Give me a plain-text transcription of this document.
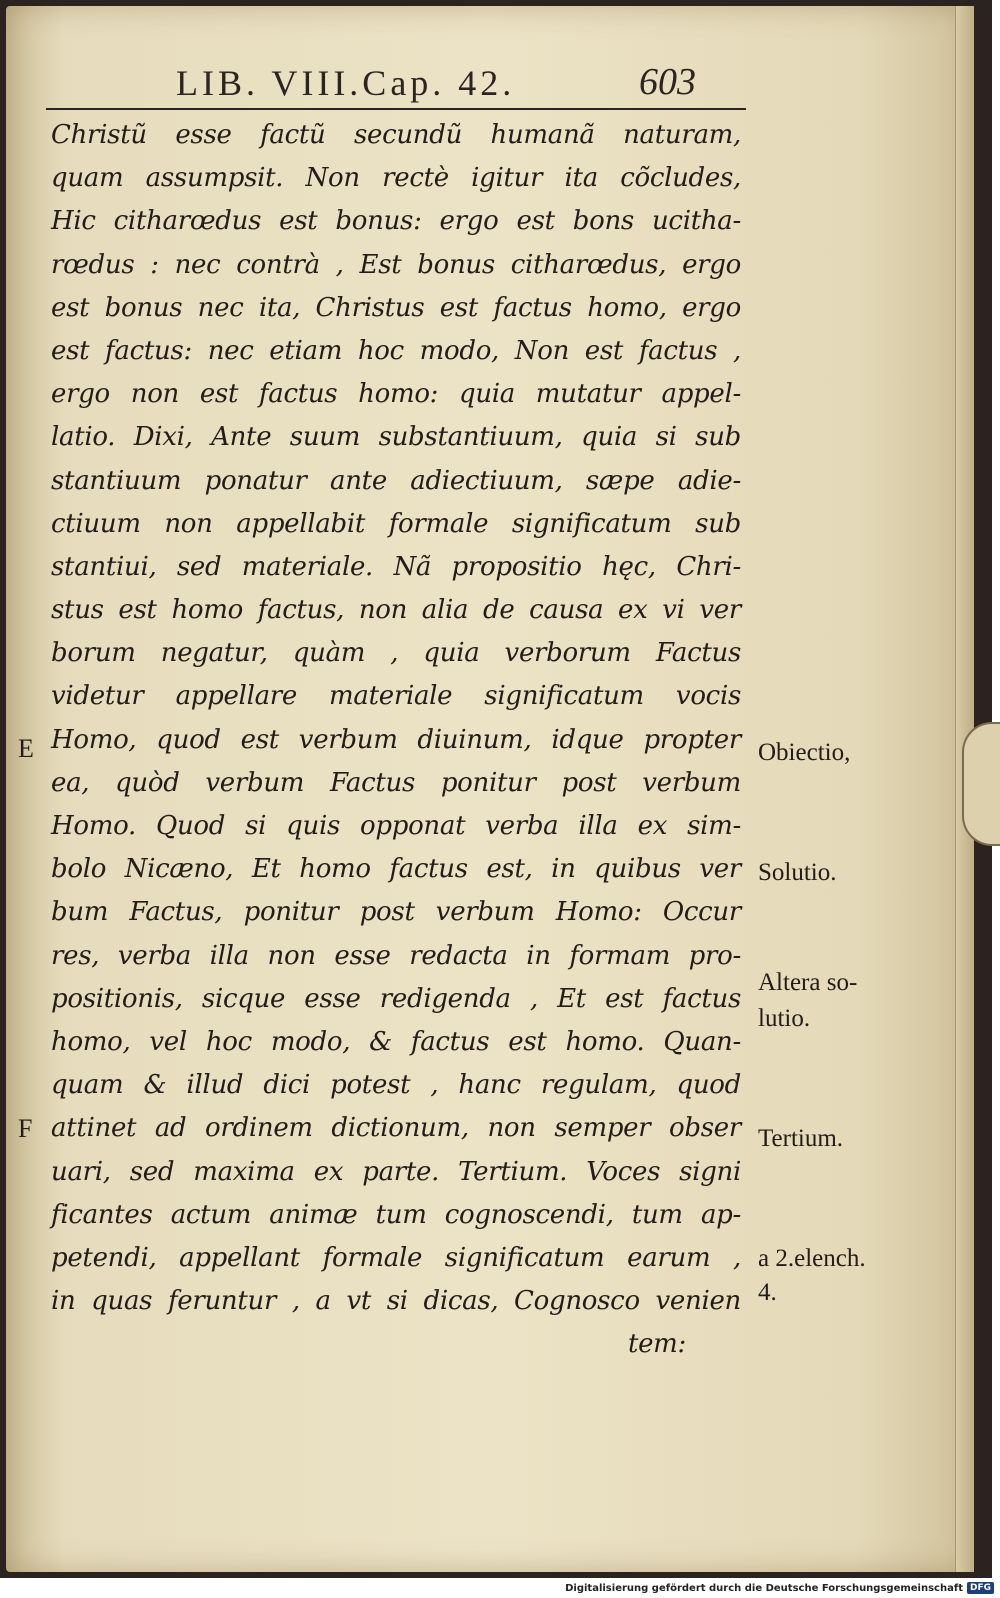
LIB. VIII.Cap. 42.	603
Christũ esse factũ secundũ humanã naturam,
quam assumpsit. Non rectè igitur ita cõcludes,
Hic citharœdus est bonus: ergo est bons ucitha-
rœdus : nec contrà , Est bonus citharœdus, ergo
est bonus nec ita, Christus est factus homo, ergo
est factus: nec etiam hoc modo, Non est factus ,
ergo non est factus homo: quia mutatur appel-
latio. Dixi, Ante suum substantiuum, quia si sub
stantiuum ponatur ante adiectiuum, sæpe adie-
ctiuum non appellabit formale significatum sub
stantiui, sed materiale. Nã propositio hęc, Chri-
stus est homo factus, non alia de causa ex vi ver
borum negatur, quàm , quia verborum Factus
videtur appellare materiale significatum vocis
Homo, quod est verbum diuinum, idque propter
ea, quòd verbum Factus ponitur post verbum
Homo. Quod si quis opponat verba illa ex sim-
bolo Nicæno, Et homo factus est, in quibus ver
bum Factus, ponitur post verbum Homo: Occur
res, verba illa non esse redacta in formam pro-
positionis, sicque esse redigenda , Et est factus
homo, vel hoc modo, & factus est homo. Quan-
quam & illud dici potest , hanc regulam, quod
attinet ad ordinem dictionum, non semper obser
uari, sed maxima ex parte. Tertium. Voces signi
ficantes actum animæ tum cognoscendi, tum ap-
petendi, appellant formale significatum earum ,
in quas feruntur , a vt si dicas, Cognosco venien
tem:
E
F
Obiectio,
Solutio.
Altera so-
lutio.
Tertium.
a 2.elench.
4.
Digitalisierung gefördert durch die Deutsche Forschungsgemeinschaft DFG
